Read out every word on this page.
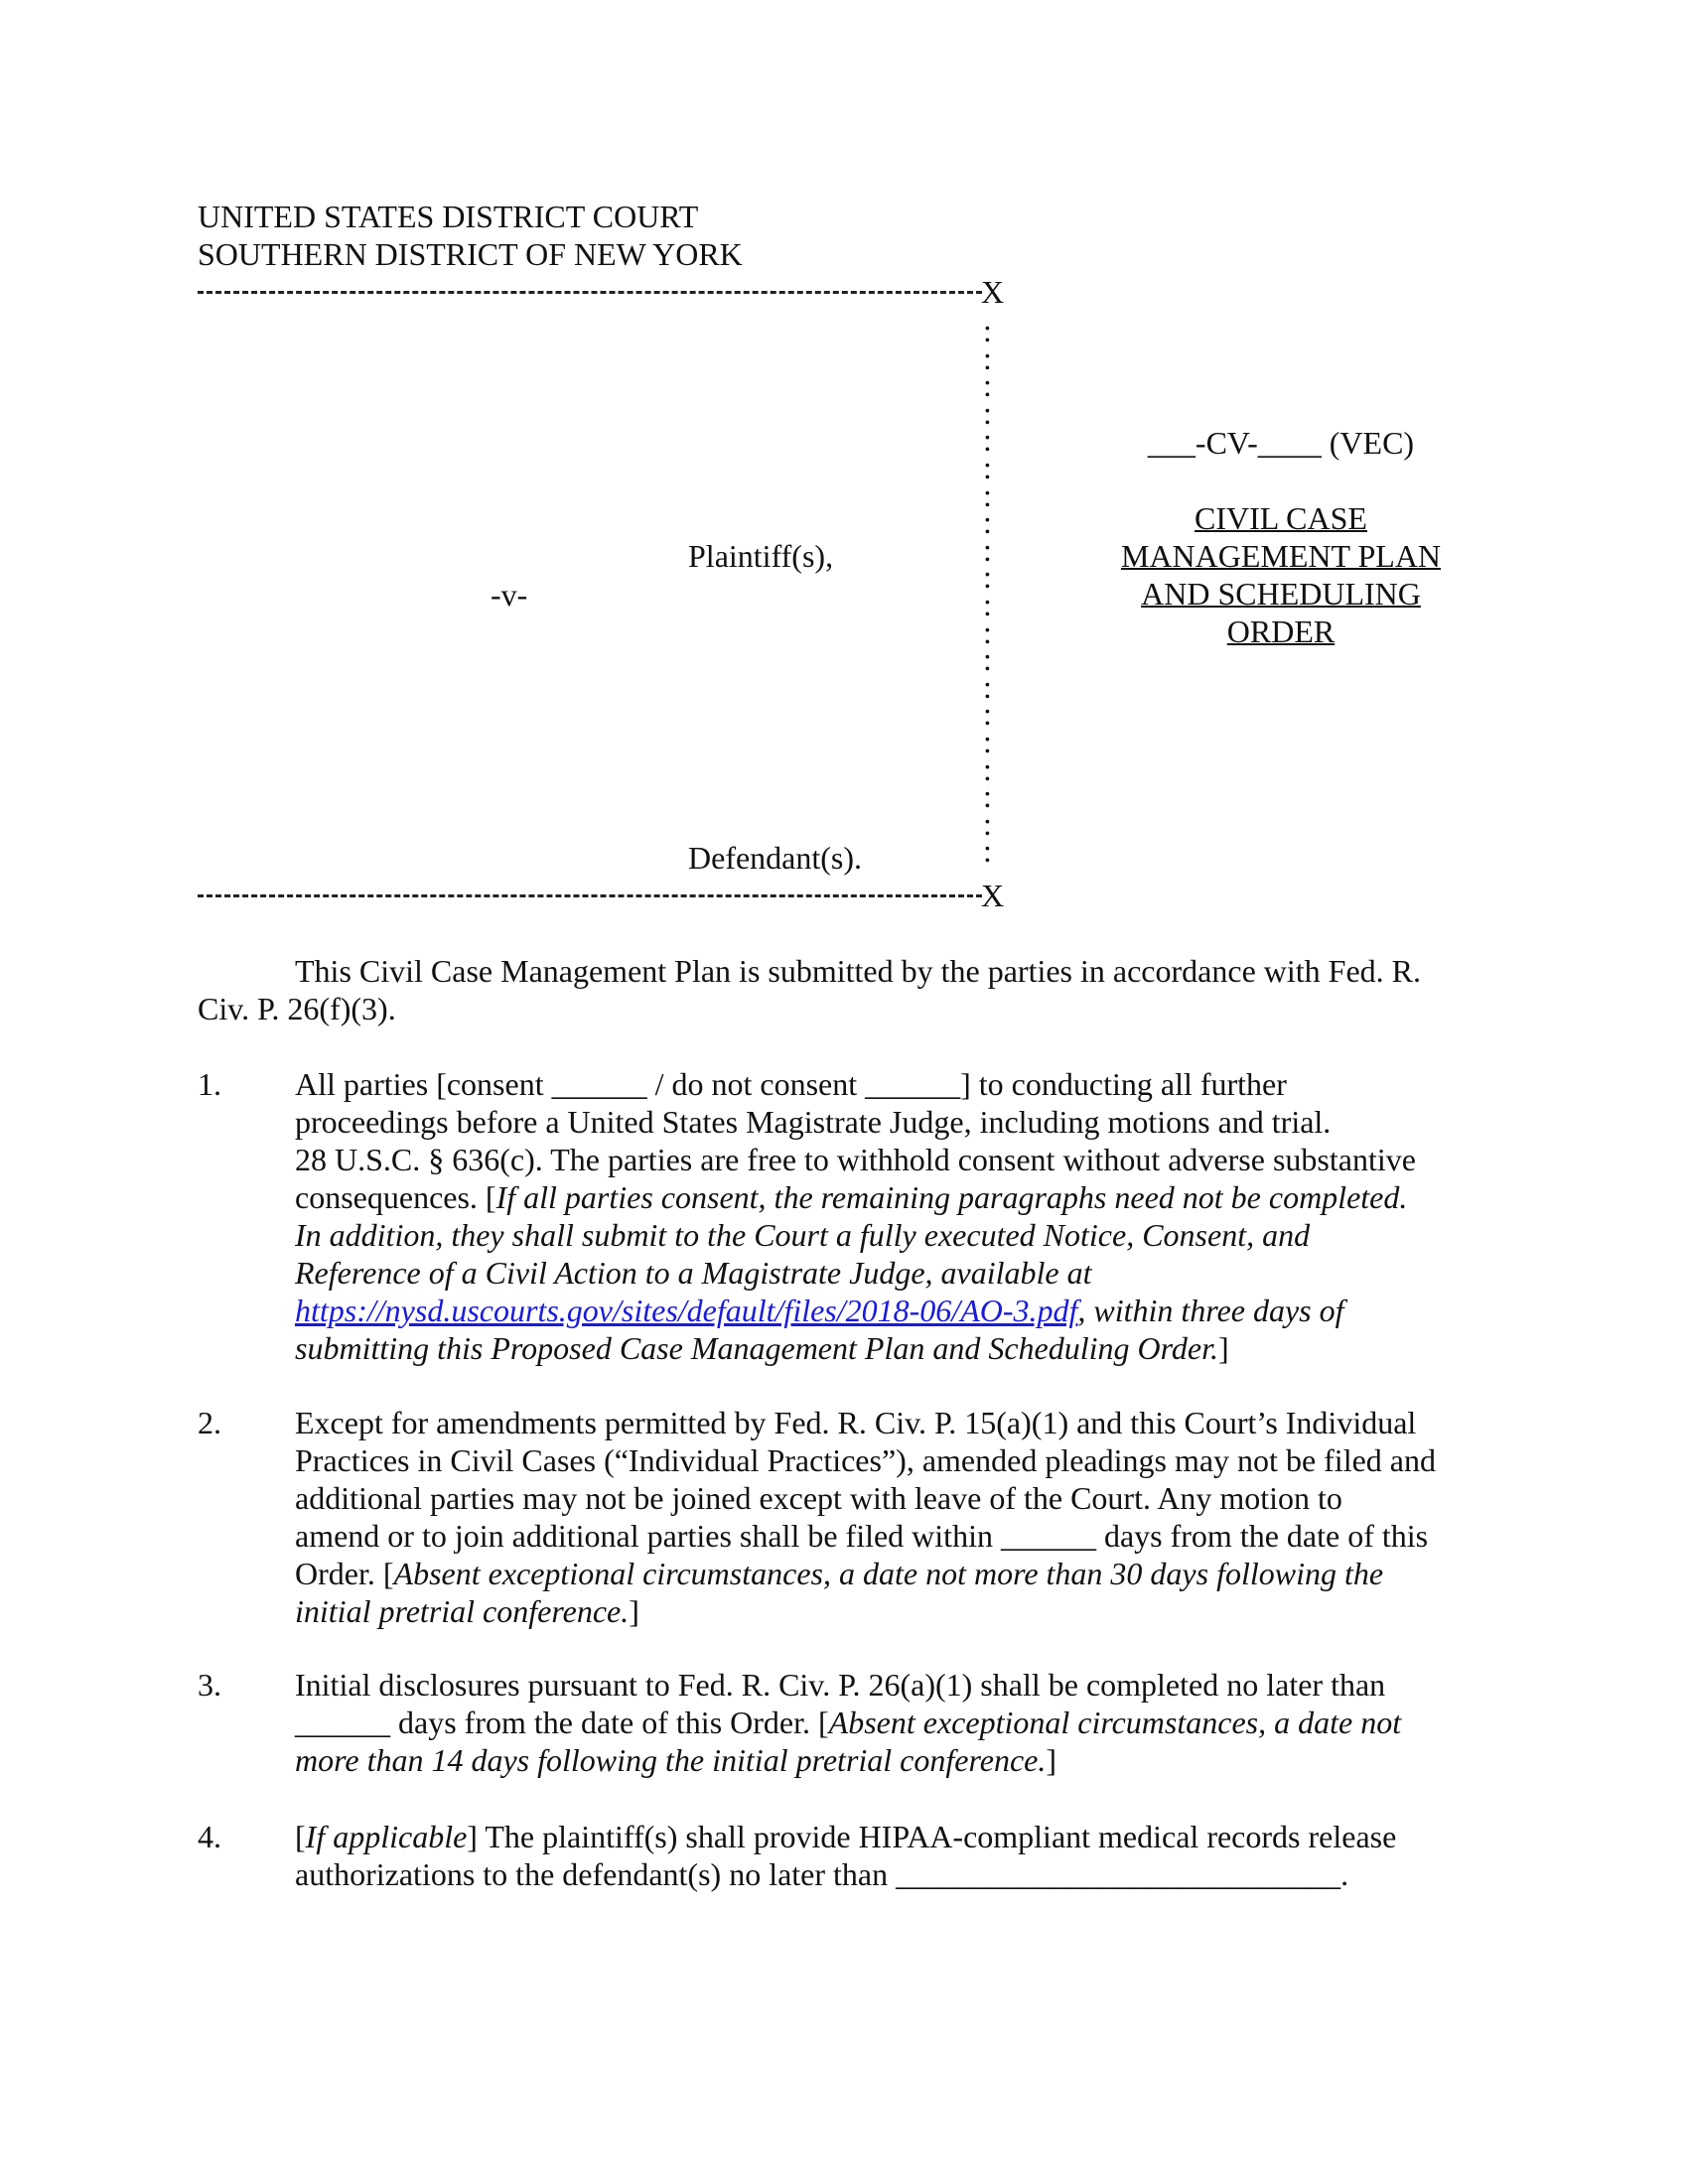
UNITED STATES DISTRICT COURT
SOUTHERN DISTRICT OF NEW YORK
X
:
:
:
:
:
:
:
:
:
:
:
:
:
:
:
:
:
:
:
:
Plaintiff(s),
-v-
Defendant(s).
X
___-CV-____ (VEC)
CIVIL CASE
MANAGEMENT PLAN
AND SCHEDULING
ORDER
This Civil Case Management Plan is submitted by the parties in accordance with Fed. R.
Civ. P. 26(f)(3).
1. All parties [consent ______ / do not consent ______] to conducting all further
proceedings before a United States Magistrate Judge, including motions and trial.
28 U.S.C. § 636(c). The parties are free to withhold consent without adverse substantive
consequences. [If all parties consent, the remaining paragraphs need not be completed.
In addition, they shall submit to the Court a fully executed Notice, Consent, and
Reference of a Civil Action to a Magistrate Judge, available at
https://nysd.uscourts.gov/sites/default/files/2018-06/AO-3.pdf, within three days of
submitting this Proposed Case Management Plan and Scheduling Order.]
2. Except for amendments permitted by Fed. R. Civ. P. 15(a)(1) and this Court’s Individual
Practices in Civil Cases (“Individual Practices”), amended pleadings may not be filed and
additional parties may not be joined except with leave of the Court. Any motion to
amend or to join additional parties shall be filed within ______ days from the date of this
Order. [Absent exceptional circumstances, a date not more than 30 days following the
initial pretrial conference.]
3. Initial disclosures pursuant to Fed. R. Civ. P. 26(a)(1) shall be completed no later than
______ days from the date of this Order. [Absent exceptional circumstances, a date not
more than 14 days following the initial pretrial conference.]
4. [If applicable] The plaintiff(s) shall provide HIPAA-compliant medical records release
authorizations to the defendant(s) no later than ____________________________.
